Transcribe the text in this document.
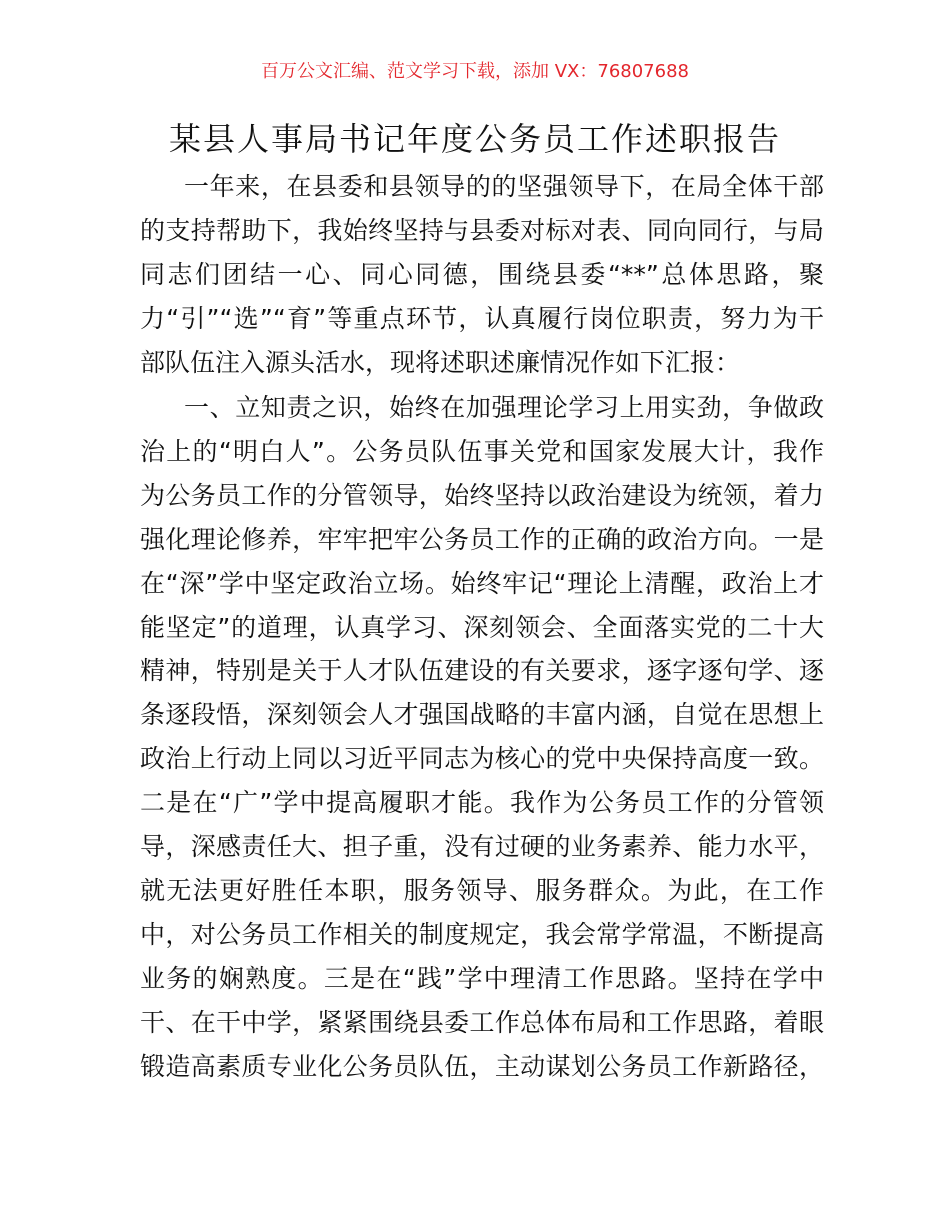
百万公文汇编、范文学习下载，添加 VX：76807688
某县人事局书记年度公务员工作述职报告
一年来，在县委和县领导的的坚强领导下，在局全体干部
的支持帮助下，我始终坚持与县委对标对表、同向同行，与局
同志们团结一心、同心同德，围绕县委“**”总体思路，聚
力“引”“选”“育”等重点环节，认真履行岗位职责，努力为干
部队伍注入源头活水，现将述职述廉情况作如下汇报：
一、立知责之识，始终在加强理论学习上用实劲，争做政
治上的“明白人”。公务员队伍事关党和国家发展大计，我作
为公务员工作的分管领导，始终坚持以政治建设为统领，着力
强化理论修养，牢牢把牢公务员工作的正确的政治方向。一是
在“深”学中坚定政治立场。始终牢记“理论上清醒，政治上才
能坚定”的道理，认真学习、深刻领会、全面落实党的二十大
精神，特别是关于人才队伍建设的有关要求，逐字逐句学、逐
条逐段悟，深刻领会人才强国战略的丰富内涵，自觉在思想上
政治上行动上同以习近平同志为核心的党中央保持高度一致。
二是在“广”学中提高履职才能。我作为公务员工作的分管领
导，深感责任大、担子重，没有过硬的业务素养、能力水平，
就无法更好胜任本职，服务领导、服务群众。为此，在工作
中，对公务员工作相关的制度规定，我会常学常温，不断提高
业务的娴熟度。三是在“践”学中理清工作思路。坚持在学中
干、在干中学，紧紧围绕县委工作总体布局和工作思路，着眼
锻造高素质专业化公务员队伍，主动谋划公务员工作新路径，
